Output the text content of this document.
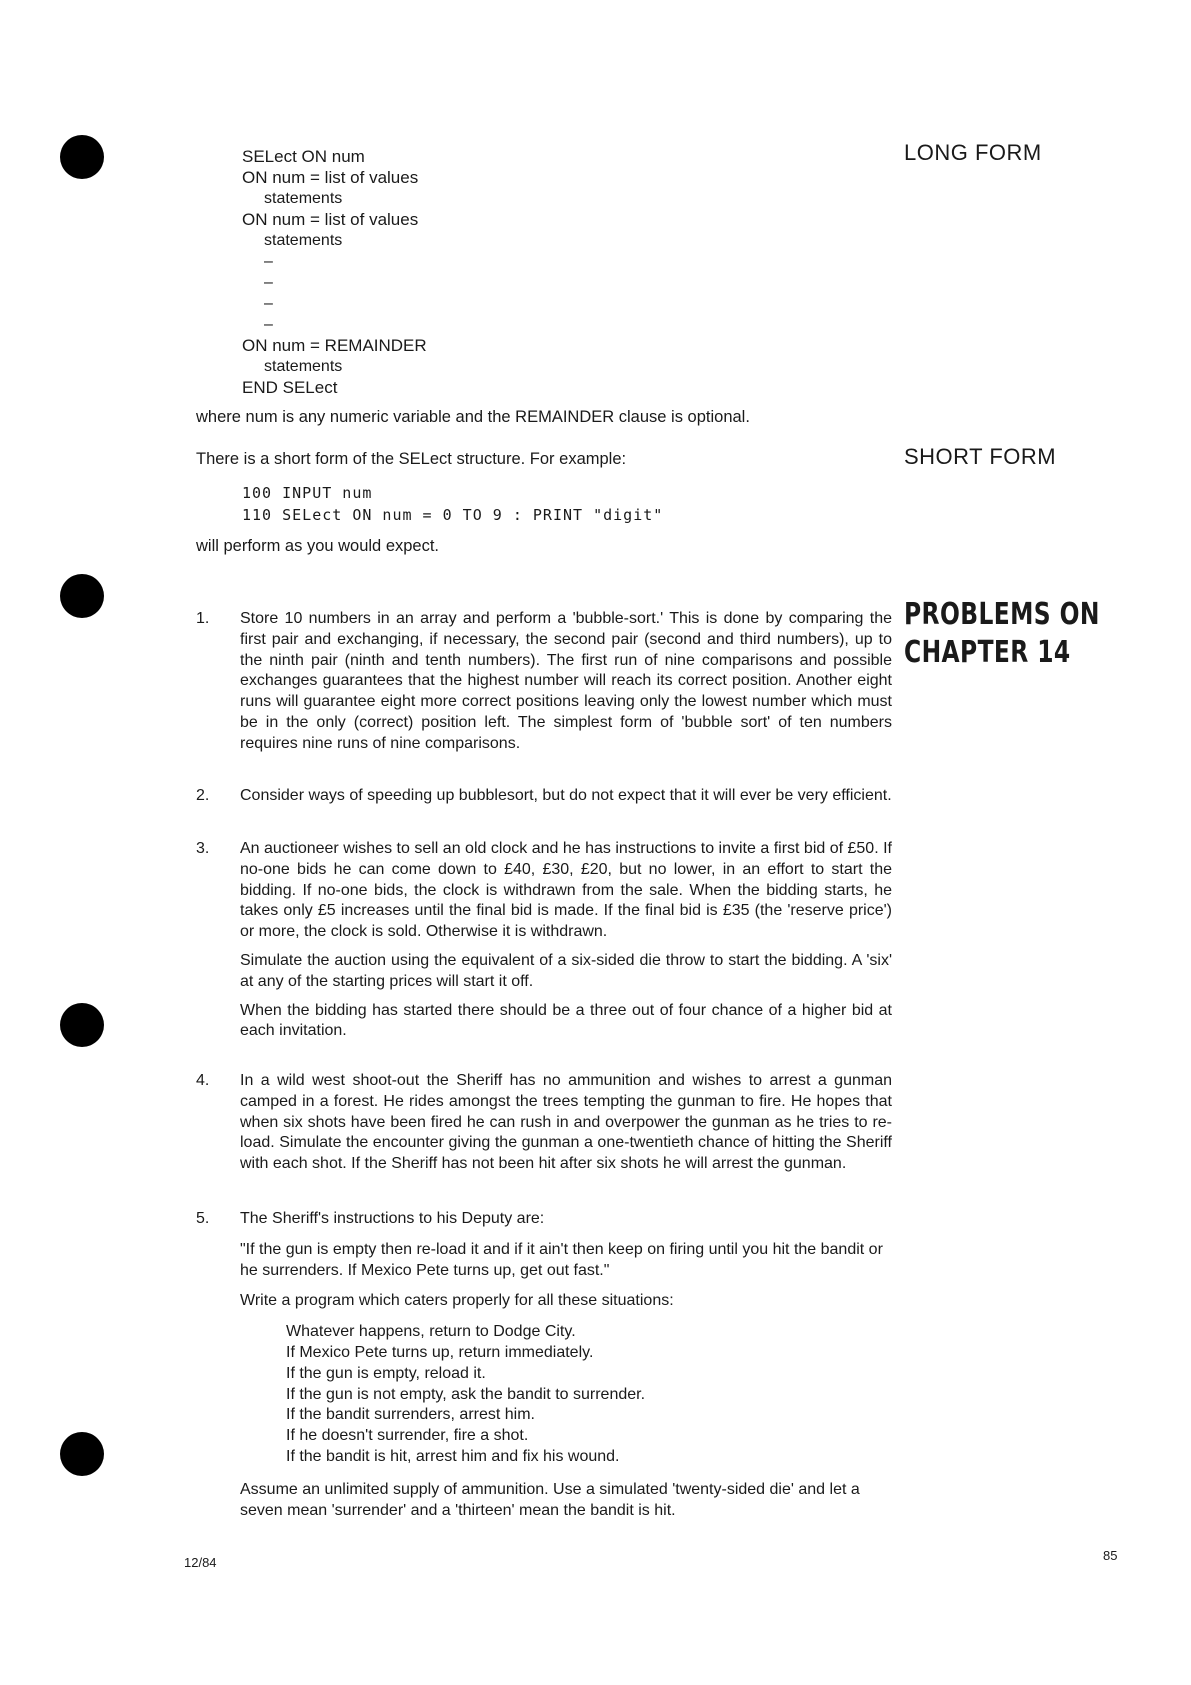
LONG FORM
SELect ON num
ON num = list of values
statements
ON num = list of values
statements
–
–
–
–
ON num = REMAINDER
statements
END SELect
where num is any numeric variable and the REMAINDER clause is optional.
SHORT FORM
There is a short form of the SELect structure. For example:
100 INPUT num
110 SELect ON num = 0 TO 9 : PRINT "digit"
will perform as you would expect.
PROBLEMS ON
CHAPTER 14
1. Store 10 numbers in an array and perform a 'bubble-sort.' This is done by comparing the first pair and exchanging, if necessary, the second pair (second and third numbers), up to the ninth pair (ninth and tenth numbers). The first run of nine comparisons and possible exchanges guarantees that the highest number will reach its correct position. Another eight runs will guarantee eight more correct positions leaving only the lowest number which must be in the only (correct) position left. The simplest form of 'bubble sort' of ten numbers requires nine runs of nine comparisons.

2. Consider ways of speeding up bubblesort, but do not expect that it will ever be very efficient.

3. An auctioneer wishes to sell an old clock and he has instructions to invite a first bid of £50. If no-one bids he can come down to £40, £30, £20, but no lower, in an effort to start the bidding. If no-one bids, the clock is withdrawn from the sale. When the bidding starts, he takes only £5 increases until the final bid is made. If the final bid is £35 (the 'reserve price') or more, the clock is sold. Otherwise it is withdrawn.

Simulate the auction using the equivalent of a six-sided die throw to start the bidding. A 'six' at any of the starting prices will start it off.

When the bidding has started there should be a three out of four chance of a higher bid at each invitation.

4. In a wild west shoot-out the Sheriff has no ammunition and wishes to arrest a gunman camped in a forest. He rides amongst the trees tempting the gunman to fire. He hopes that when six shots have been fired he can rush in and overpower the gunman as he tries to re-load. Simulate the encounter giving the gunman a one-twentieth chance of hitting the Sheriff with each shot. If the Sheriff has not been hit after six shots he will arrest the gunman.

5. The Sheriff's instructions to his Deputy are:

"If the gun is empty then re-load it and if it ain't then keep on firing until you hit the bandit or he surrenders. If Mexico Pete turns up, get out fast."

Write a program which caters properly for all these situations:

Whatever happens, return to Dodge City.
If Mexico Pete turns up, return immediately.
If the gun is empty, reload it.
If the gun is not empty, ask the bandit to surrender.
If the bandit surrenders, arrest him.
If he doesn't surrender, fire a shot.
If the bandit is hit, arrest him and fix his wound.

Assume an unlimited supply of ammunition. Use a simulated 'twenty-sided die' and let a seven mean 'surrender' and a 'thirteen' mean the bandit is hit.

12/84	85
